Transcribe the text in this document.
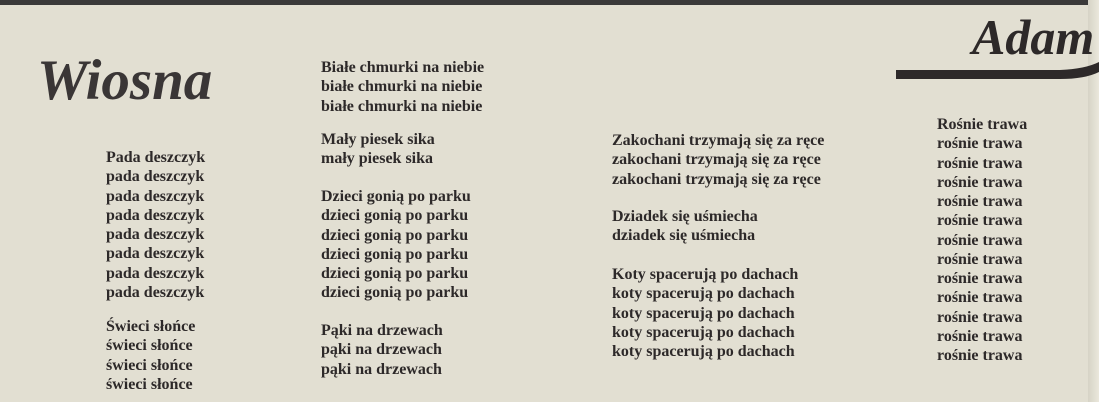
Wiosna
Adam
Pada deszczyk
pada deszczyk
pada deszczyk
pada deszczyk
pada deszczyk
pada deszczyk
pada deszczyk
pada deszczyk
Świeci słońce
świeci słońce
świeci słońce
świeci słońce
Białe chmurki na niebie
białe chmurki na niebie
białe chmurki na niebie
Mały piesek sika
mały piesek sika
Dzieci gonią po parku
dzieci gonią po parku
dzieci gonią po parku
dzieci gonią po parku
dzieci gonią po parku
dzieci gonią po parku
Pąki na drzewach
pąki na drzewach
pąki na drzewach
Zakochani trzymają się za ręce
zakochani trzymają się za ręce
zakochani trzymają się za ręce
Dziadek się uśmiecha
dziadek się uśmiecha
Koty spacerują po dachach
koty spacerują po dachach
koty spacerują po dachach
koty spacerują po dachach
koty spacerują po dachach
Rośnie trawa
rośnie trawa
rośnie trawa
rośnie trawa
rośnie trawa
rośnie trawa
rośnie trawa
rośnie trawa
rośnie trawa
rośnie trawa
rośnie trawa
rośnie trawa
rośnie trawa
